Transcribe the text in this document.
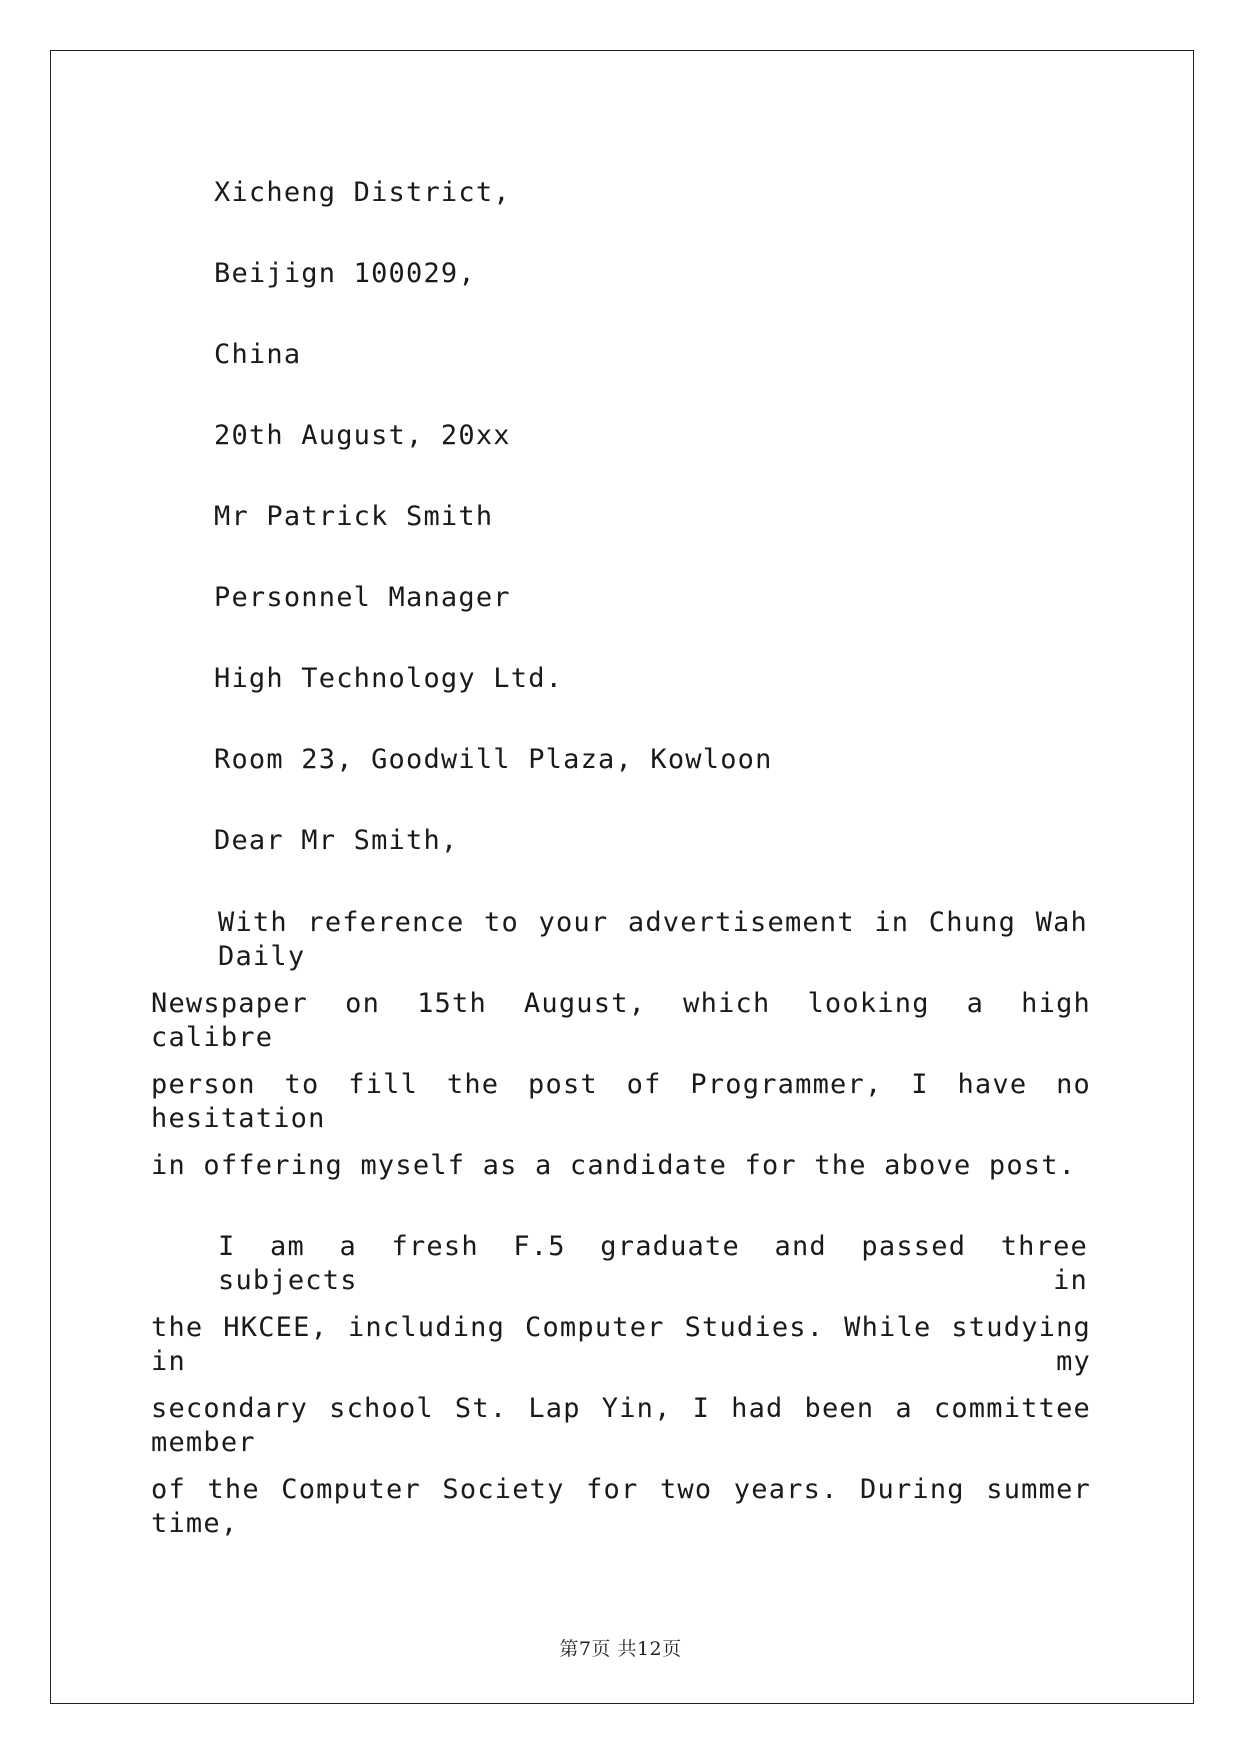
Xicheng District,
Beijign 100029,
China
20th August, 20xx
Mr Patrick Smith
Personnel Manager
High Technology Ltd.
Room 23, Goodwill Plaza, Kowloon
Dear Mr Smith,
With reference to your advertisement in Chung Wah Daily
Newspaper on 15th August, which looking a high calibre
person to fill the post of Programmer, I have no hesitation
in offering myself as a candidate for the above post.
I am a fresh F.5 graduate and passed three subjects in
the HKCEE, including Computer Studies. While studying in my
secondary school St. Lap Yin, I had been a committee member
of the Computer Society for two years. During summer time,
第7页 共12页
